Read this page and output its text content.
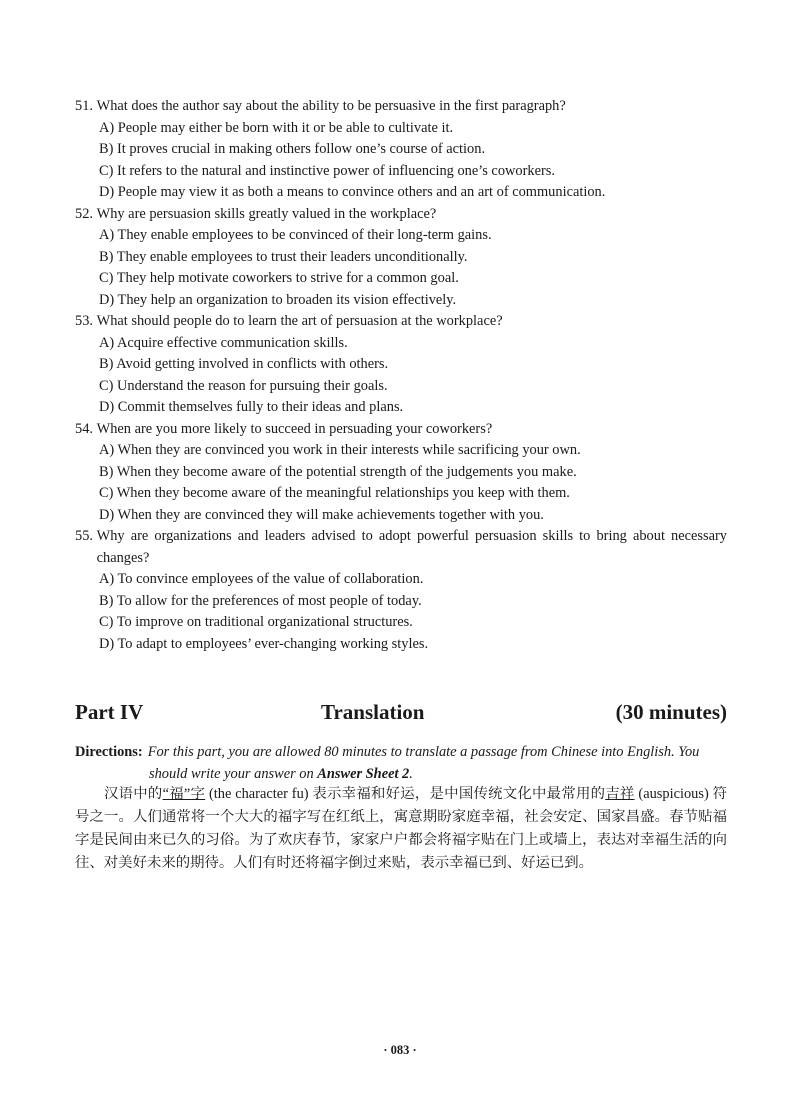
51.
What does the author say about the ability to be persuasive in the first paragraph?
A) People may either be born with it or be able to cultivate it.
B) It proves crucial in making others follow one’s course of action.
C) It refers to the natural and instinctive power of influencing one’s coworkers.
D) People may view it as both a means to convince others and an art of communication.
52.
Why are persuasion skills greatly valued in the workplace?
A) They enable employees to be convinced of their long-term gains.
B) They enable employees to trust their leaders unconditionally.
C) They help motivate coworkers to strive for a common goal.
D) They help an organization to broaden its vision effectively.
53.
What should people do to learn the art of persuasion at the workplace?
A) Acquire effective communication skills.
B) Avoid getting involved in conflicts with others.
C) Understand the reason for pursuing their goals.
D) Commit themselves fully to their ideas and plans.
54.
When are you more likely to succeed in persuading your coworkers?
A) When they are convinced you work in their interests while sacrificing your own.
B) When they become aware of the potential strength of the judgements you make.
C) When they become aware of the meaningful relationships you keep with them.
D) When they are convinced they will make achievements together with you.
55.
Why are organizations and leaders advised to adopt powerful persuasion skills to bring about necessary changes?
A) To convince employees of the value of collaboration.
B) To allow for the preferences of most people of today.
C) To improve on traditional organizational structures.
D) To adapt to employees’ ever-changing working styles.
Part IV	Translation	(30 minutes)
Directions: For this part, you are allowed 80 minutes to translate a passage from Chinese into English. You
should write your answer on Answer Sheet 2.

汉语中的“福”字 (the character fu) 表示幸福和好运，是中国传统文化中最常用的吉祥 (auspicious) 符号之一。人们通常将一个大大的福字写在红纸上，寓意期盼家庭幸福，社会安定、国家昌盛。春节贴福字是民间由来已久的习俗。为了欢庆春节，家家户户都会将福字贴在门上或墙上，表达对幸福生活的向往、对美好未来的期待。人们有时还将福字倒过来贴，表示幸福已到、好运已到。

· 083 ·
